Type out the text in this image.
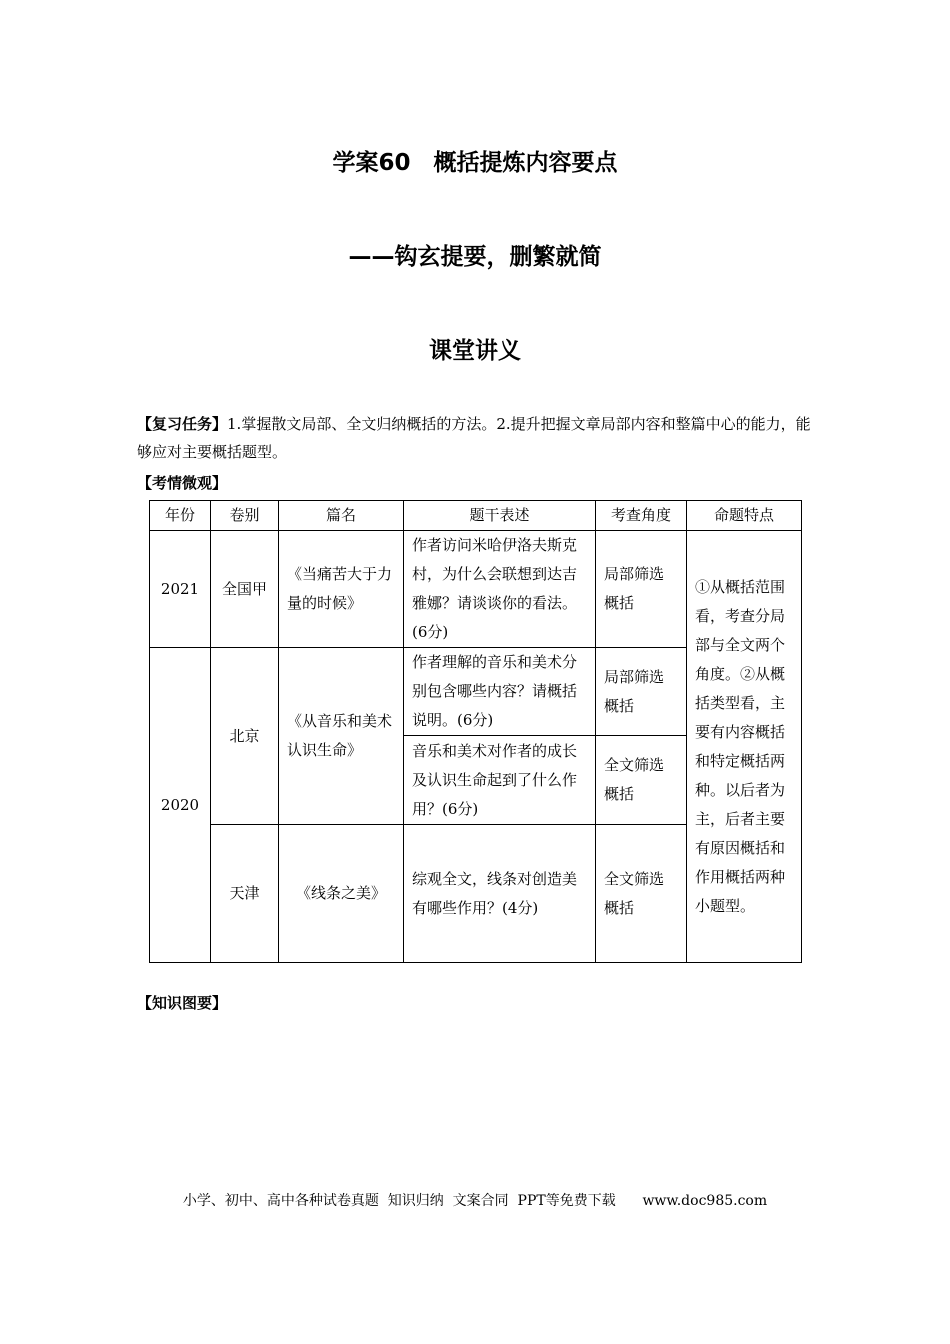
学案60　概括提炼内容要点
——钩玄提要，删繁就简
课堂讲义
【复习任务】1.掌握散文局部、全文归纳概括的方法。2.提升把握文章局部内容和整篇中心的能力，能够应对主要概括题型。
【考情微观】
年份	卷别	篇名	题干表述	考查角度	命题特点
2021	全国甲	《当痛苦大于力量的时候》	作者访问米哈伊洛夫斯克村，为什么会联想到达吉雅娜？请谈谈你的看法。(6分)	局部筛选概括	①从概括范围看，考查分局部与全文两个角度。②从概括类型看，主要有内容概括和特定概括两种。以后者为主，后者主要有原因概括和作用概括两种小题型。
2020	北京	《从音乐和美术认识生命》	作者理解的音乐和美术分别包含哪些内容？请概括说明。(6分)	局部筛选概括	
			音乐和美术对作者的成长及认识生命起到了什么作用？(6分)	全文筛选概括	
	天津	《线条之美》	综观全文，线条对创造美有哪些作用？(4分)	全文筛选概括	
【知识图要】
小学、初中、高中各种试卷真题  知识归纳  文案合同  PPT等免费下载      www.doc985.com
